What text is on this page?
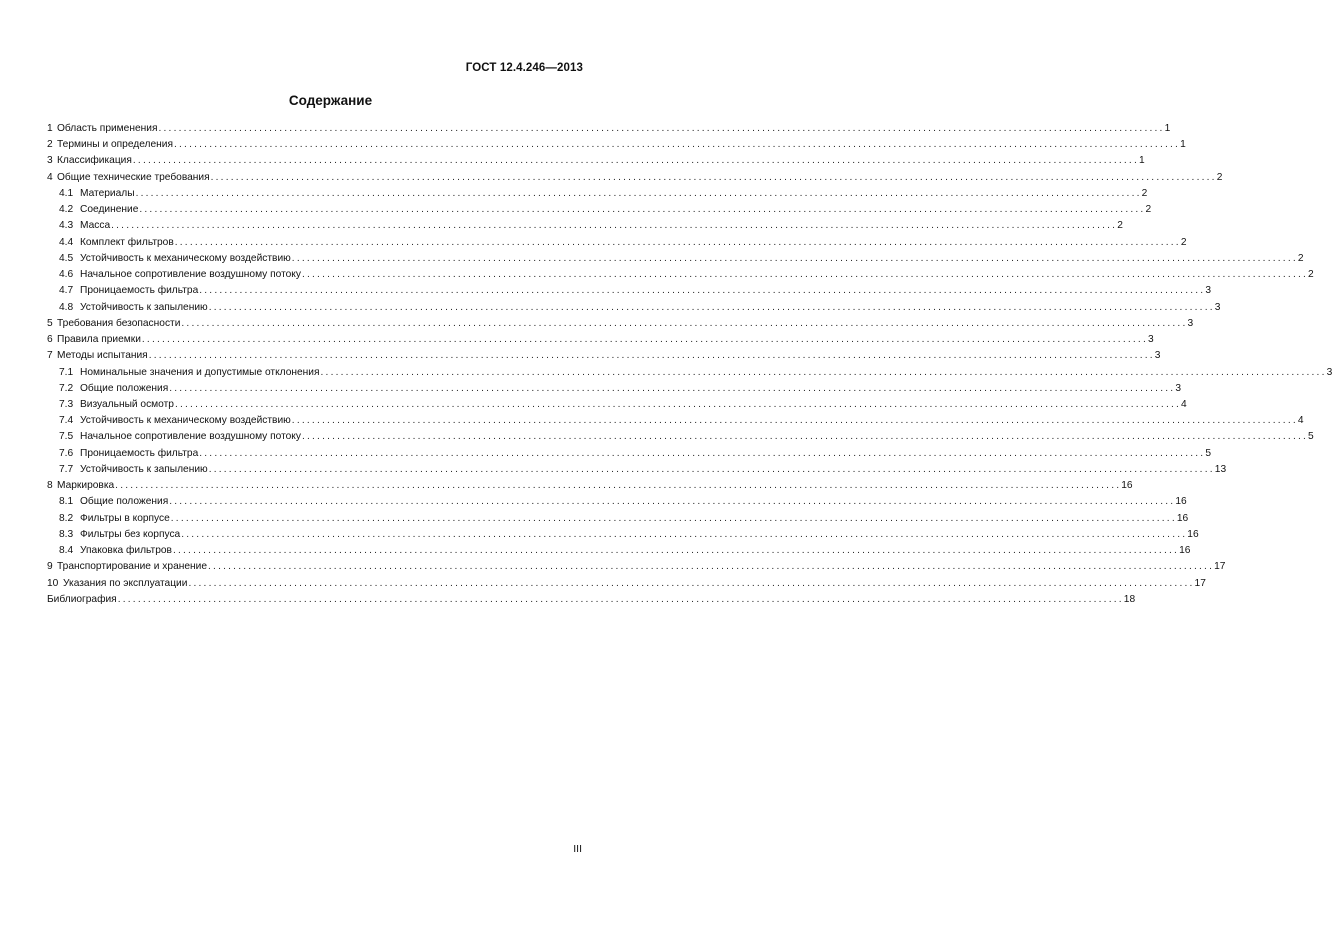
ГОСТ 12.4.246—2013
Содержание
1 Область применения ........................................................................................................................................................................................................ 1
2 Термины и определения ........................................................................................................................................................................................................ 1
3 Классификация ........................................................................................................................................................................................................ 1
4 Общие технические требования ........................................................................................................................................................................................................ 2
4.1 Материалы ........................................................................................................................................................................................................ 2
4.2 Соединение ........................................................................................................................................................................................................ 2
4.3 Масса ........................................................................................................................................................................................................ 2
4.4 Комплект фильтров ........................................................................................................................................................................................................ 2
4.5 Устойчивость к механическому воздействию ........................................................................................................................................................................................................ 2
4.6 Начальное сопротивление воздушному потоку ........................................................................................................................................................................................................ 2
4.7 Проницаемость фильтра ........................................................................................................................................................................................................ 3
4.8 Устойчивость к запылению ........................................................................................................................................................................................................ 3
5 Требования безопасности ........................................................................................................................................................................................................ 3
6 Правила приемки ........................................................................................................................................................................................................ 3
7 Методы испытания ........................................................................................................................................................................................................ 3
7.1 Номинальные значения и допустимые отклонения ........................................................................................................................................................................................................ 3
7.2 Общие положения ........................................................................................................................................................................................................ 3
7.3 Визуальный осмотр ........................................................................................................................................................................................................ 4
7.4 Устойчивость к механическому воздействию ........................................................................................................................................................................................................ 4
7.5 Начальное сопротивление воздушному потоку ........................................................................................................................................................................................................ 5
7.6 Проницаемость фильтра ........................................................................................................................................................................................................ 5
7.7 Устойчивость к запылению ........................................................................................................................................................................................................ 13
8 Маркировка ........................................................................................................................................................................................................ 16
8.1 Общие положения ........................................................................................................................................................................................................ 16
8.2 Фильтры в корпусе ........................................................................................................................................................................................................ 16
8.3 Фильтры без корпуса ........................................................................................................................................................................................................ 16
8.4 Упаковка фильтров ........................................................................................................................................................................................................ 16
9 Транспортирование и хранение ........................................................................................................................................................................................................ 17
10 Указания по эксплуатации ........................................................................................................................................................................................................ 17
Библиография ........................................................................................................................................................................................................ 18
III
